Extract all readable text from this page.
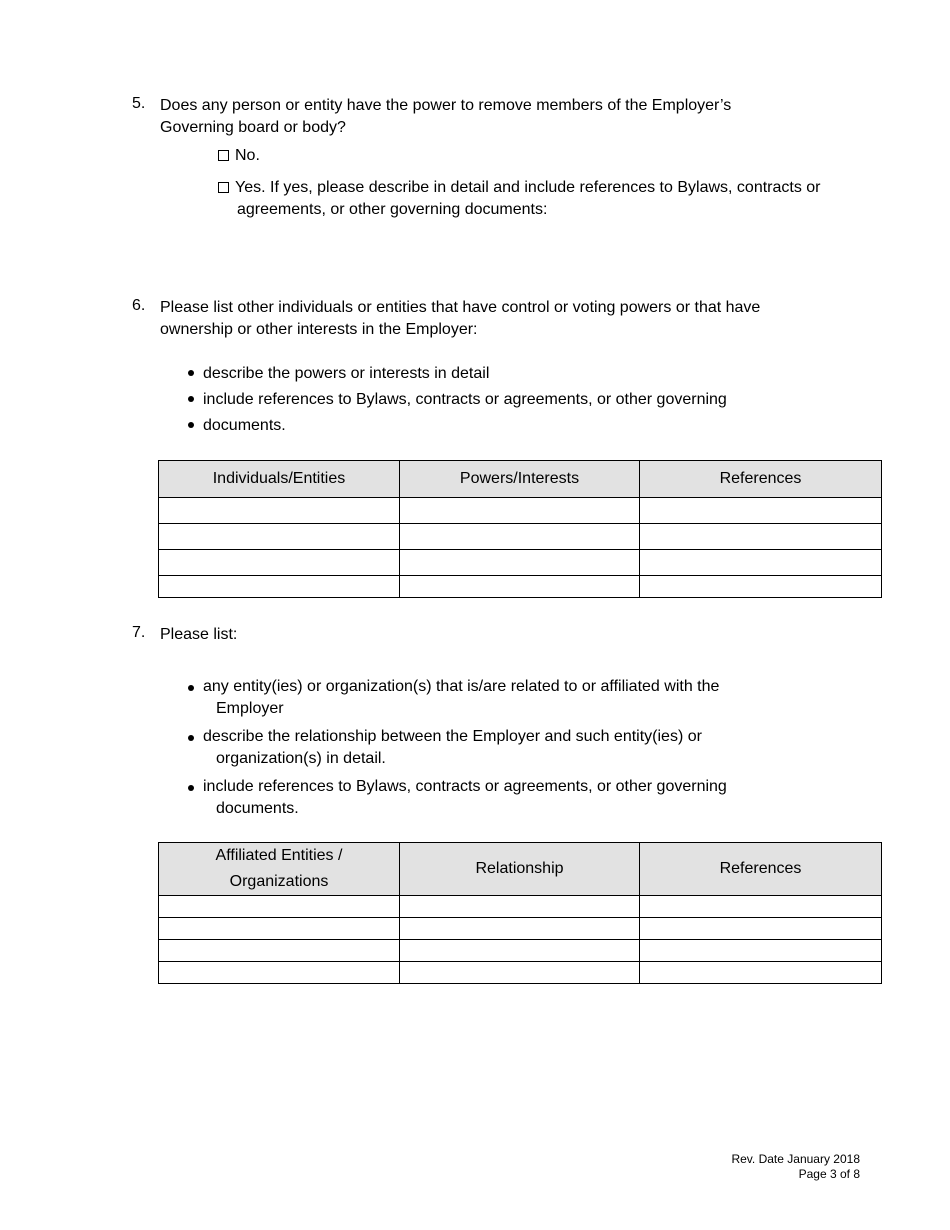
5. Does any person or entity have the power to remove members of the Employer’s
Governing board or body?
No.
Yes. If yes, please describe in detail and include references to Bylaws, contracts or
agreements, or other governing documents:
6. Please list other individuals or entities that have control or voting powers or that have
ownership or other interests in the Employer:
describe the powers or interests in detail
include references to Bylaws, contracts or agreements, or other governing
documents.
Individuals/Entities	Powers/Interests	References

7. Please list:
any entity(ies) or organization(s) that is/are related to or affiliated with the
Employer
describe the relationship between the Employer and such entity(ies) or
organization(s) in detail.
include references to Bylaws, contracts or agreements, or other governing
documents.
Affiliated Entities /
Organizations	Relationship	References

Rev. Date January 2018
Page 3 of 8
